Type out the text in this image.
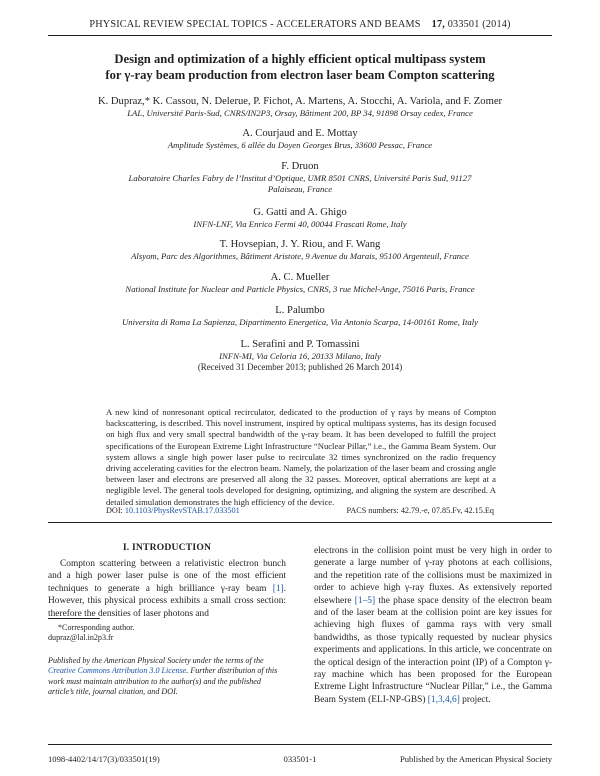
PHYSICAL REVIEW SPECIAL TOPICS - ACCELERATORS AND BEAMS 17, 033501 (2014)
Design and optimization of a highly efficient optical multipass system
for γ-ray beam production from electron laser beam Compton scattering
K. Dupraz,* K. Cassou, N. Delerue, P. Fichot, A. Martens, A. Stocchi, A. Variola, and F. Zomer
LAL, Université Paris-Sud, CNRS/IN2P3, Orsay, Bâtiment 200, BP 34, 91898 Orsay cedex, France
A. Courjaud and E. Mottay
Amplitude Systèmes, 6 allée du Doyen Georges Brus, 33600 Pessac, France
F. Druon
Laboratoire Charles Fabry de l’Institut d’Optique, UMR 8501 CNRS, Université Paris Sud, 91127 Palaiseau, France
G. Gatti and A. Ghigo
INFN-LNF, Via Enrico Fermi 40, 00044 Frascati Rome, Italy
T. Hovsepian, J. Y. Riou, and F. Wang
Alsyom, Parc des Algorithmes, Bâtiment Aristote, 9 Avenue du Marais, 95100 Argenteuil, France
A. C. Mueller
National Institute for Nuclear and Particle Physics, CNRS, 3 rue Michel-Ange, 75016 Paris, France
L. Palumbo
Universita di Roma La Sapienza, Dipartimento Energetica, Via Antonio Scarpa, 14-00161 Rome, Italy
L. Serafini and P. Tomassini
INFN-MI, Via Celoria 16, 20133 Milano, Italy
(Received 31 December 2013; published 26 March 2014)
A new kind of nonresonant optical recirculator, dedicated to the production of γ rays by means of Compton backscattering, is described. This novel instrument, inspired by optical multipass systems, has its design focused on high flux and very small spectral bandwidth of the γ-ray beam. It has been developed to fulfill the project specifications of the European Extreme Light Infrastructure “Nuclear Pillar,” i.e., the Gamma Beam System. Our system allows a single high power laser pulse to recirculate 32 times synchronized on the radio frequency driving accelerating cavities for the electron beam. Namely, the polarization of the laser beam and crossing angle between laser and electrons are preserved all along the 32 passes. Moreover, optical aberrations are kept at a negligible level. The general tools developed for designing, optimizing, and aligning the system are described. A detailed simulation demonstrates the high efficiency of the device.
DOI: 10.1103/PhysRevSTAB.17.033501	PACS numbers: 42.79.-e, 07.85.Fv, 42.15.Eq
I. INTRODUCTION

Compton scattering between a relativistic electron bunch and a high power laser pulse is one of the most efficient techniques to generate a high brilliance γ-ray beam [1]. However, this physical process exhibits a small cross section: therefore the densities of laser photons and

*Corresponding author.
dupraz@lal.in2p3.fr
Published by the American Physical Society under the terms of the Creative Commons Attribution 3.0 License. Further distribution of this work must maintain attribution to the author(s) and the published article’s title, journal citation, and DOI.

electrons in the collision point must be very high in order to generate a large number of γ-ray photons at each collisions, and the repetition rate of the collisions must be maximized in order to achieve high γ-ray fluxes. As extensively reported elsewhere [1–5] the phase space density of the electron beam and of the laser beam at the collision point are key issues for achieving high fluxes of gamma rays with very small bandwidths, as those typically requested by nuclear physics experiments and applications. In this article, we concentrate on the optical design of the interaction point (IP) of a Compton γ-ray machine which has been proposed for the European Extreme Light Infrastructure “Nuclear Pillar,” i.e., the Gamma Beam System (ELI-NP-GBS) [1,3,4,6] project.

1098-4402/14/17(3)/033501(19)	033501-1	Published by the American Physical Society
